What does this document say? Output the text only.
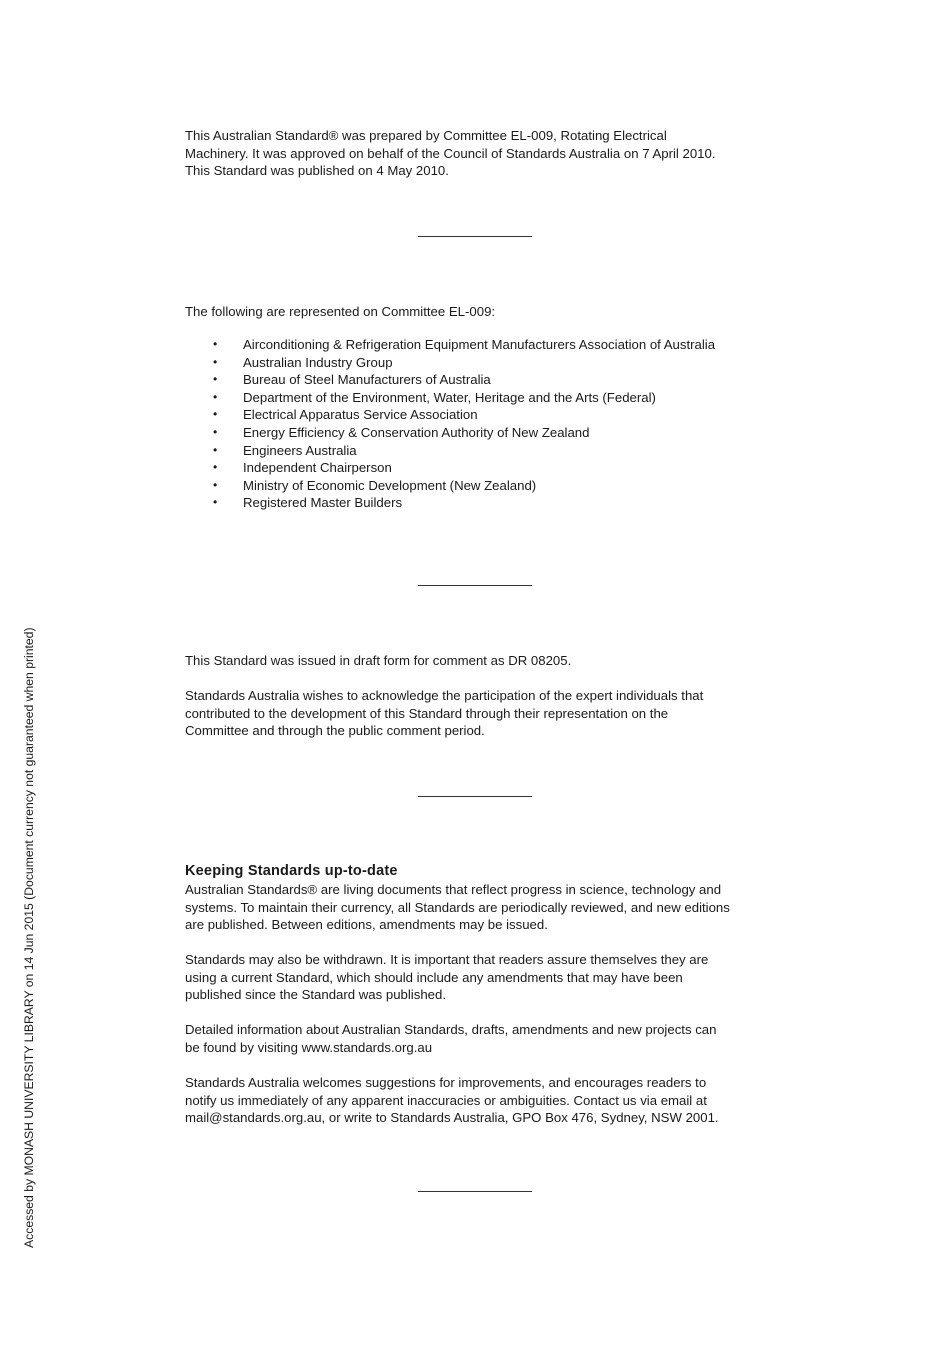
This Australian Standard® was prepared by Committee EL-009, Rotating Electrical
Machinery. It was approved on behalf of the Council of Standards Australia on 7 April 2010.
This Standard was published on 4 May 2010.

The following are represented on Committee EL-009:

• Airconditioning & Refrigeration Equipment Manufacturers Association of Australia
• Australian Industry Group
• Bureau of Steel Manufacturers of Australia
• Department of the Environment, Water, Heritage and the Arts (Federal)
• Electrical Apparatus Service Association
• Energy Efficiency & Conservation Authority of New Zealand
• Engineers Australia
• Independent Chairperson
• Ministry of Economic Development (New Zealand)
• Registered Master Builders

This Standard was issued in draft form for comment as DR 08205.

Standards Australia wishes to acknowledge the participation of the expert individuals that
contributed to the development of this Standard through their representation on the
Committee and through the public comment period.

Keeping Standards up-to-date

Australian Standards® are living documents that reflect progress in science, technology and
systems. To maintain their currency, all Standards are periodically reviewed, and new editions
are published. Between editions, amendments may be issued.

Standards may also be withdrawn. It is important that readers assure themselves they are
using a current Standard, which should include any amendments that may have been
published since the Standard was published.

Detailed information about Australian Standards, drafts, amendments and new projects can
be found by visiting www.standards.org.au

Standards Australia welcomes suggestions for improvements, and encourages readers to
notify us immediately of any apparent inaccuracies or ambiguities. Contact us via email at
mail@standards.org.au, or write to Standards Australia, GPO Box 476, Sydney, NSW 2001.

Accessed by MONASH UNIVERSITY LIBRARY on 14 Jun 2015 (Document currency not guaranteed when printed)
